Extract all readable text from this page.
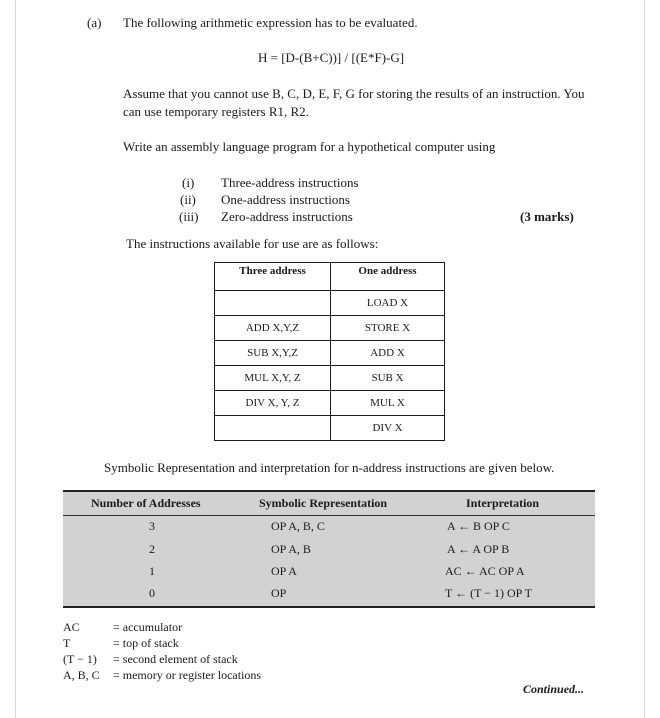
(a) The following arithmetic expression has to be evaluated.
H = [D-(B+C))] / [(E*F)-G]
Assume that you cannot use B, C, D, E, F, G for storing the results of an instruction. You
can use temporary registers R1, R2.
Write an assembly language program for a hypothetical computer using
(i) Three-address instructions
(ii) One-address instructions
(iii) Zero-address instructions	(3 marks)
The instructions available for use are as follows:
Three address	One address
	LOAD X
ADD X,Y,Z	STORE X
SUB X,Y,Z	ADD X
MUL X,Y, Z	SUB X
DIV X, Y, Z	MUL X
	DIV X
Symbolic Representation and interpretation for n-address instructions are given below.
Number of Addresses	Symbolic Representation	Interpretation
3	OP A, B, C	A ← B OP C
2	OP A, B	A ← A OP B
1	OP A	AC ← AC OP A
0	OP	T ← (T − 1) OP T
AC	= accumulator
T	= top of stack
(T − 1) = second element of stack
A, B, C = memory or register locations
Continued...
